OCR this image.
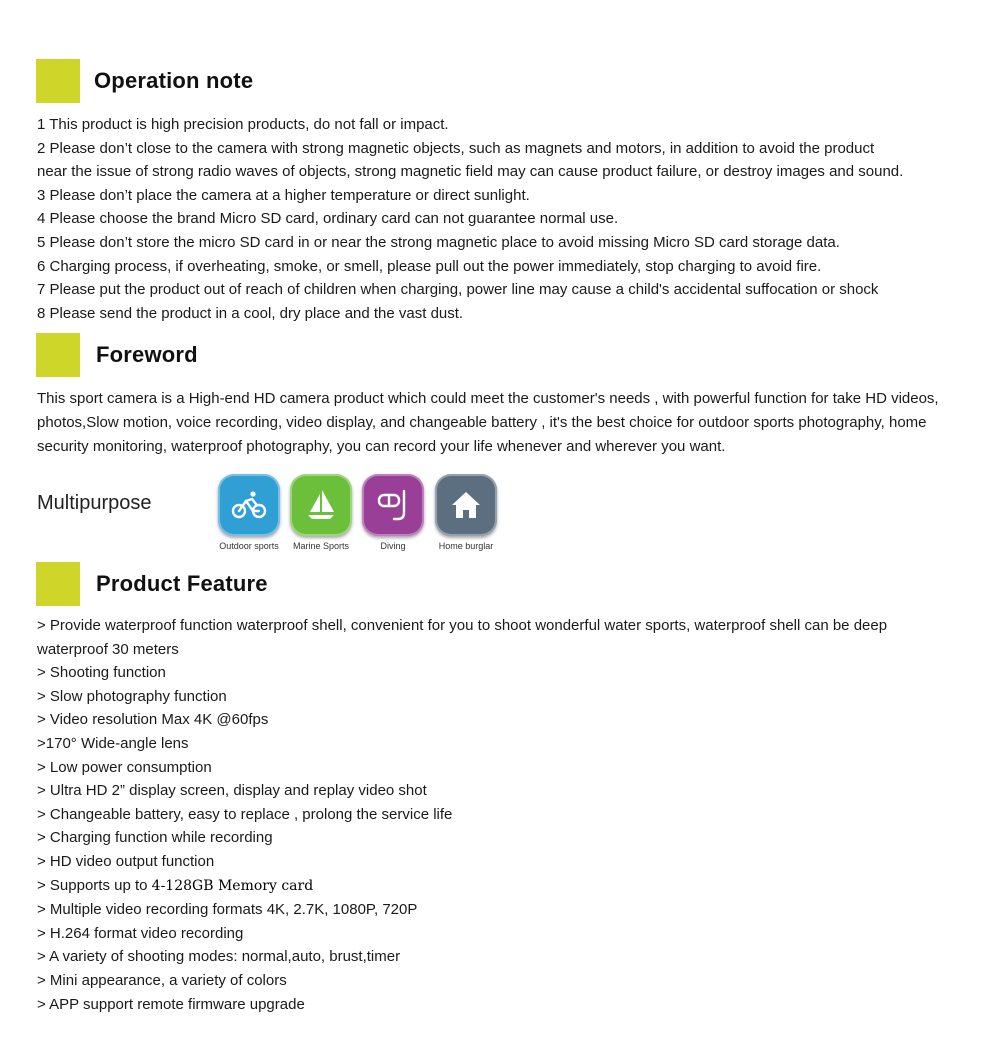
Operation note

1 This product is high precision products, do not fall or impact.

2 Please don’t close to the camera with strong magnetic objects, such as magnets and motors, in addition to avoid the product

near the issue of strong radio waves of objects, strong magnetic field may can cause product failure, or destroy images and sound.

3 Please don’t place the camera at a higher temperature or direct sunlight.

4 Please choose the brand Micro SD card, ordinary card can not guarantee normal use.

5 Please don’t store the micro SD card in or near the strong magnetic place to avoid missing Micro SD card storage data.

6 Charging process, if overheating, smoke, or smell, please pull out the power immediately, stop charging to avoid fire.

7 Please put the product out of reach of children when charging, power line may cause a child's accidental suffocation or shock

8 Please send the product in a cool, dry place and the vast dust.

Foreword

This sport camera is a High-end HD camera product which could meet the customer's needs , with powerful function for take HD videos, photos,Slow motion, voice recording, video display, and changeable battery , it's the best choice for outdoor sports photography, home security monitoring, waterproof photography, you can record your life whenever and wherever you want.

Multipurpose
Outdoor sports	Marine Sports	Diving	Home burglar
Product Feature

> Provide waterproof function waterproof shell, convenient for you to shoot wonderful water sports, waterproof shell can be deep

waterproof 30 meters

> Shooting function

> Slow photography function

> Video resolution Max 4K @60fps

>170° Wide-angle lens

> Low power consumption

> Ultra HD 2” display screen, display and replay video shot

> Changeable battery, easy to replace , prolong the service life

> Charging function while recording

> HD video output function

> Supports up to 4-128GB Memory card

> Multiple video recording formats 4K, 2.7K, 1080P, 720P

> H.264 format video recording

> A variety of shooting modes: normal,auto, brust,timer

> Mini appearance, a variety of colors

> APP support remote firmware upgrade
